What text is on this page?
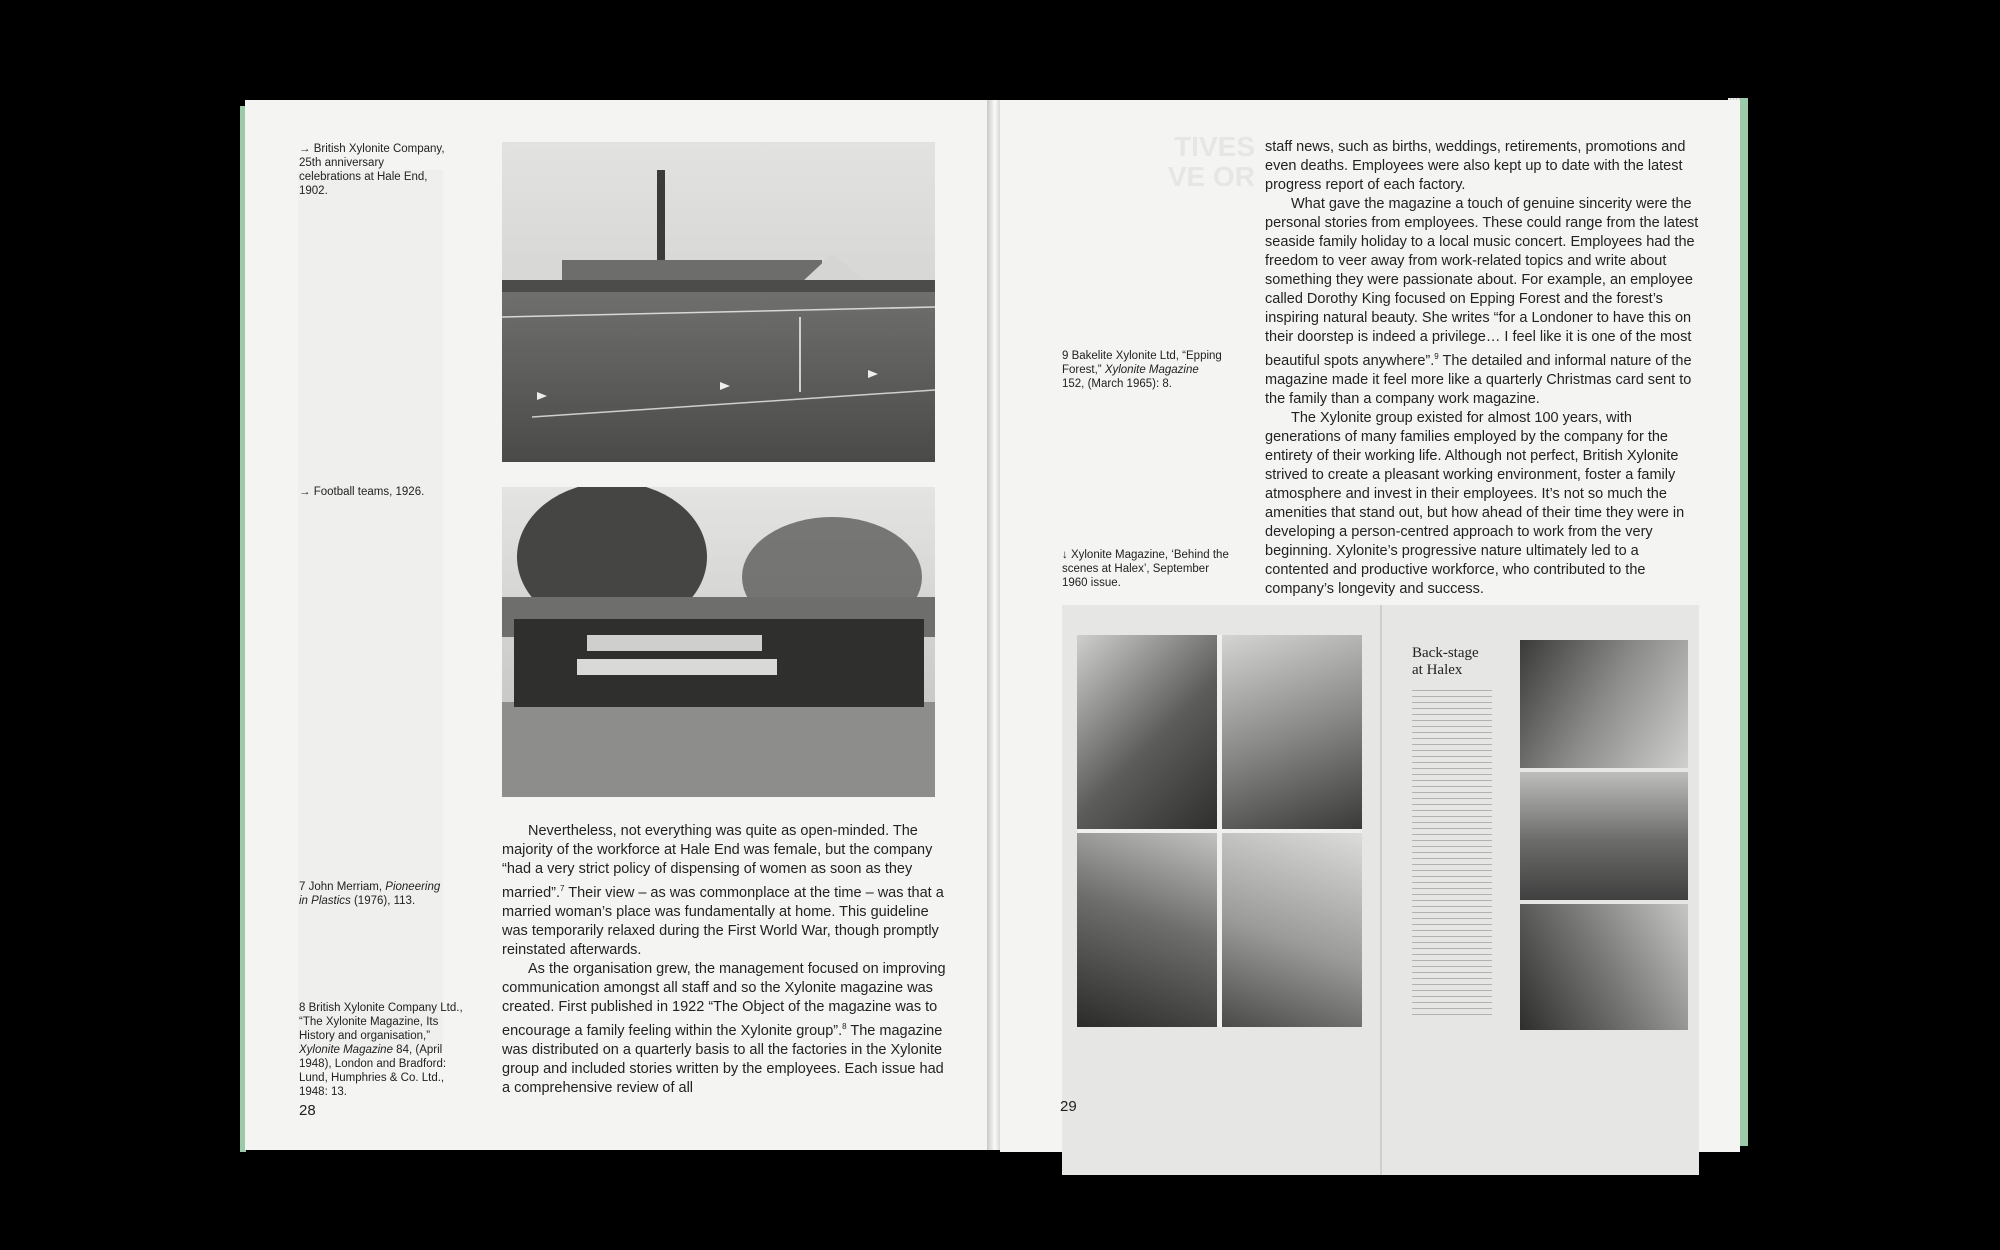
→ British Xylonite Company, 25th anniversary celebrations at Hale End, 1902.
→ Football teams, 1926.
7 John Merriam, Pioneering in Plastics (1976), 113.
8 British Xylonite Company Ltd., “The Xylonite Magazine, Its History and organisation,” Xylonite Magazine 84, (April 1948), London and Bradford: Lund, Humphries & Co. Ltd., 1948: 13.

Nevertheless, not everything was quite as open-minded. The majority of the workforce at Hale End was female, but the company “had a very strict policy of dispensing of women as soon as they married”.$^7$ Their view – as was commonplace at the time – was that a married woman’s place was fundamentally at home. This guideline was temporarily relaxed during the First World War, though promptly reinstated afterwards.

As the organisation grew, the management focused on improving communication amongst all staff and so the Xylonite magazine was created. First published in 1922 “The Object of the magazine was to encourage a family feeling within the Xylonite group”.$^8$ The magazine was distributed on a quarterly basis to all the factories in the Xylonite group and included stories written by the employees. Each issue had a comprehensive review of all

28
TIVES
VE OR
9 Bakelite Xylonite Ltd, “Epping Forest,” Xylonite Magazine 152, (March 1965): 8.
↓ Xylonite Magazine, ‘Behind the scenes at Halex’, September 1960 issue.

staff news, such as births, weddings, retirements, promotions and even deaths. Employees were also kept up to date with the latest progress report of each factory.

What gave the magazine a touch of genuine sincerity were the personal stories from employees. These could range from the latest seaside family holiday to a local music concert. Employees had the freedom to veer away from work-related topics and write about something they were passionate about. For example, an employee called Dorothy King focused on Epping Forest and the forest’s inspiring natural beauty. She writes “for a Londoner to have this on their doorstep is indeed a privilege… I feel like it is one of the most beautiful spots anywhere”.$^9$ The detailed and informal nature of the magazine made it feel more like a quarterly Christmas card sent to the family than a company work magazine.

The Xylonite group existed for almost 100 years, with generations of many families employed by the company for the entirety of their working life. Although not perfect, British Xylonite strived to create a pleasant working environment, foster a family atmosphere and invest in their employees. It’s not so much the amenities that stand out, but how ahead of their time they were in developing a person-centred approach to work from the very beginning. Xylonite’s progressive nature ultimately led to a contented and productive workforce, who contributed to the company’s longevity and success.

Back-stage at Halex
29
